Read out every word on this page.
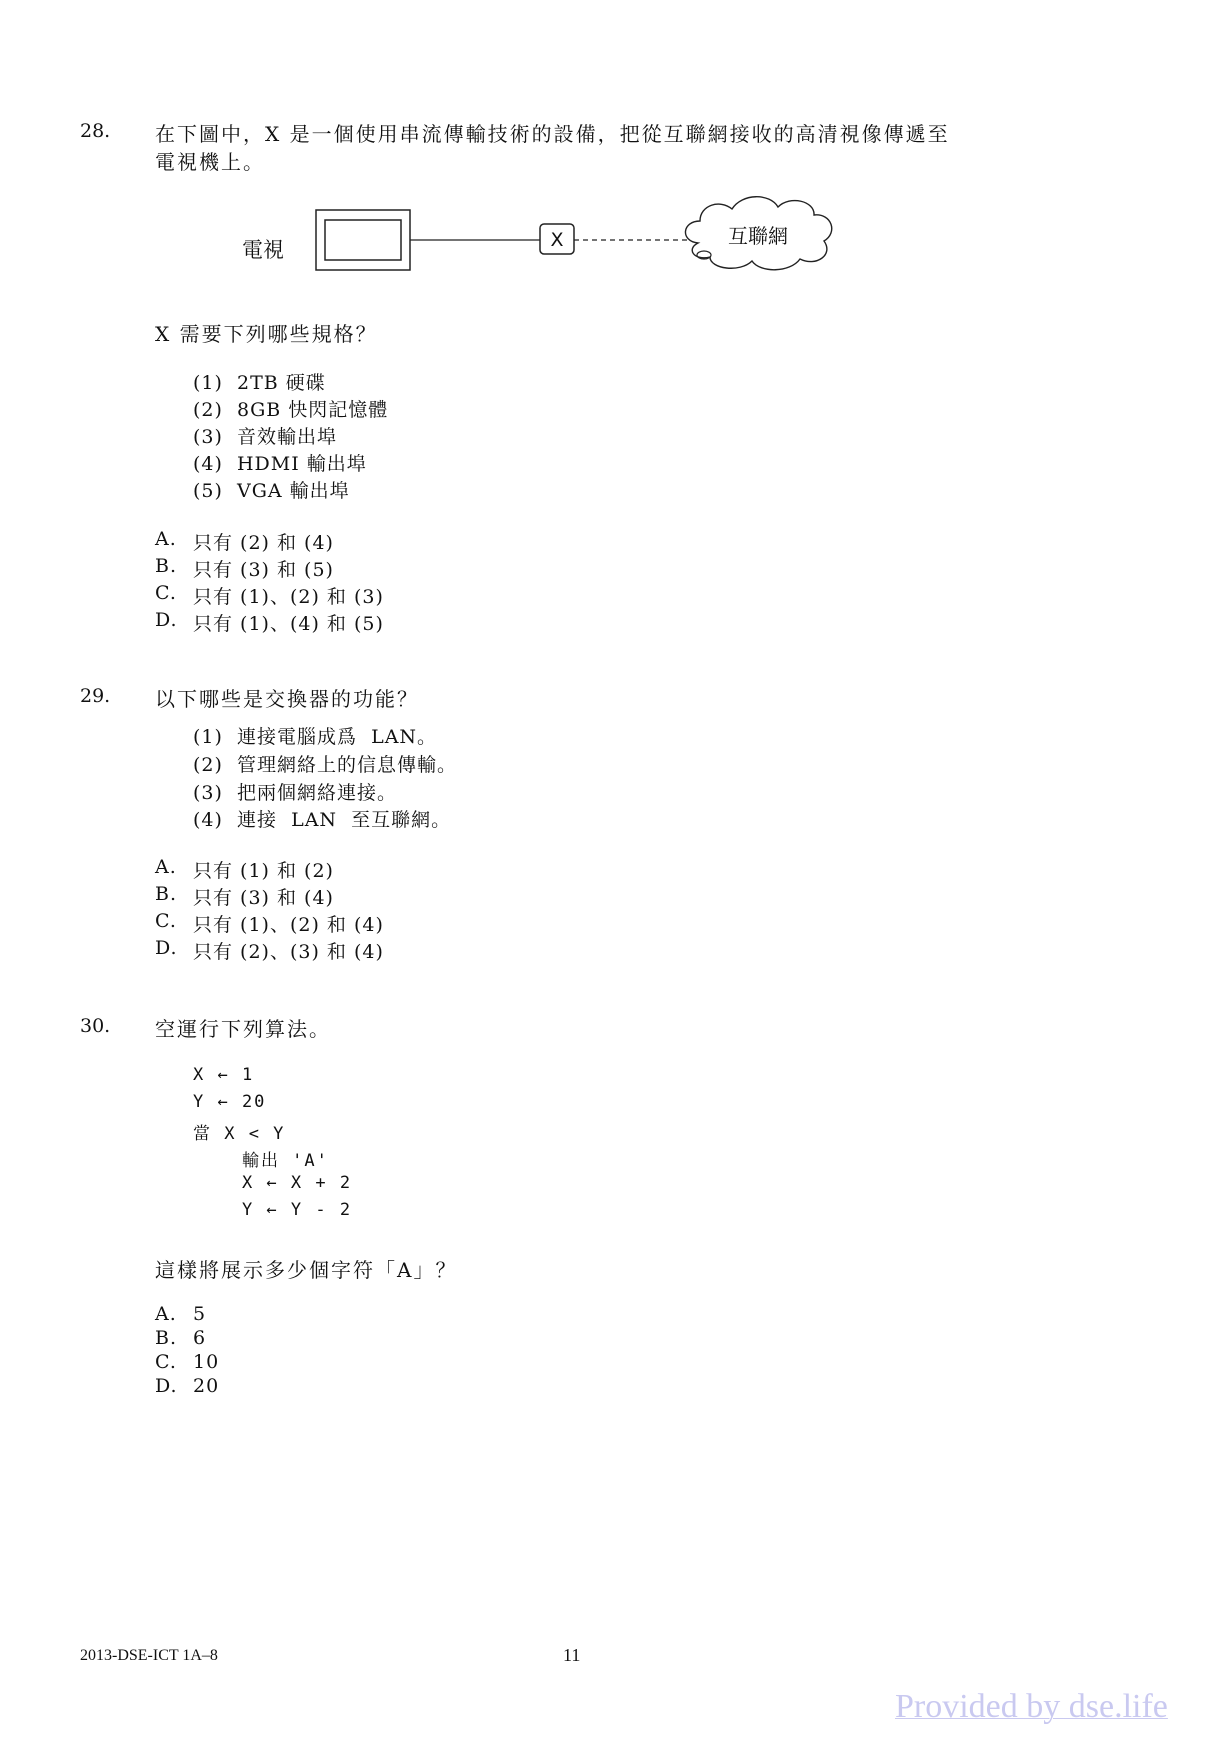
28. 在下圖中，X 是一個使用串流傳輸技術的設備，把從互聯網接收的高清視像傳遞至
電視機上。
電視	X	互聯網
X 需要下列哪些規格？
(1)  2TB 硬碟
(2)  8GB 快閃記憶體
(3)  音效輸出埠
(4)  HDMI 輸出埠
(5)  VGA 輸出埠
A. 只有 (2) 和 (4)
B. 只有 (3) 和 (5)
C. 只有 (1)、(2) 和 (3)
D. 只有 (1)、(4) 和 (5)
29. 以下哪些是交換器的功能？
(1)  連接電腦成爲  LAN。
(2)  管理網絡上的信息傳輸。
(3)  把兩個網絡連接。
(4)  連接  LAN  至互聯網。
A. 只有 (1) 和 (2)
B. 只有 (3) 和 (4)
C. 只有 (1)、(2) 和 (4)
D. 只有 (2)、(3) 和 (4)
30. 空運行下列算法。
X ← 1
Y ← 20
當 X < Y
輸出 'A'
X ← X + 2
Y ← Y - 2
這樣將展示多少個字符「A」？
A. 5
B. 6
C. 10
D. 20
2013-DSE-ICT 1A–8	11
Provided by dse.life
